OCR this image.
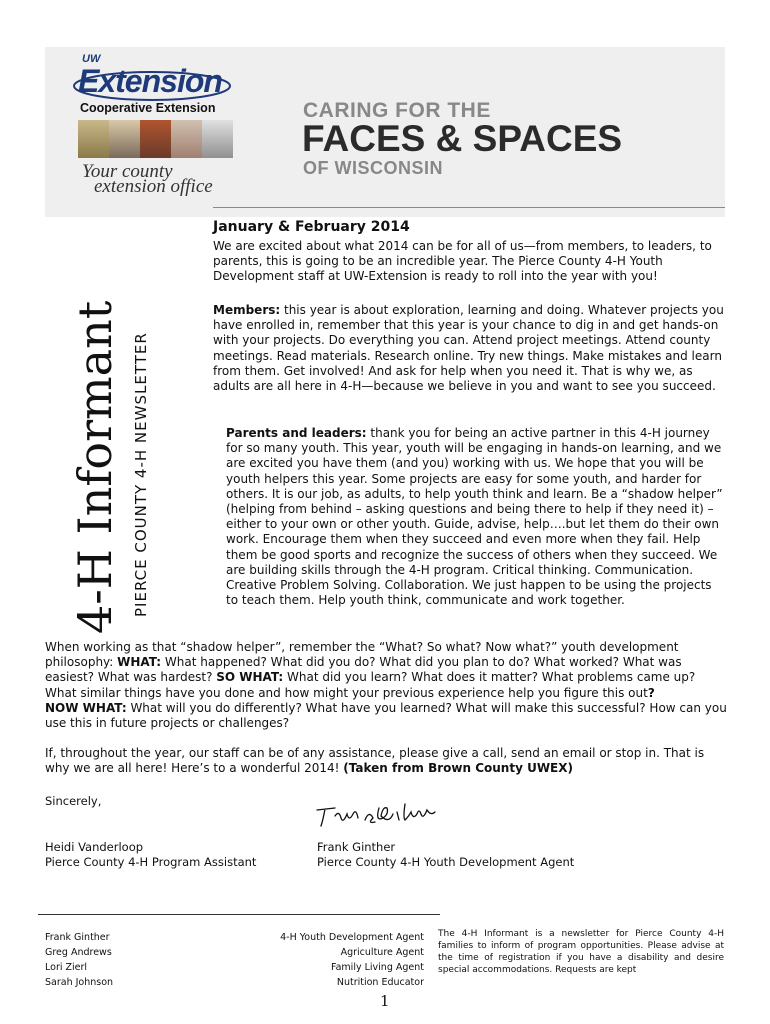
UW
Extension
Cooperative Extension
Your county
extension office
CARING FOR THE
FACES & SPACES
OF WISCONSIN
4-H Informant PIERCE COUNTY 4-H NEWSLETTER
January & February 2014

We are excited about what 2014 can be for all of us—from members, to leaders, to parents, this is going to be an incredible year. The Pierce County 4-H Youth Development staff at UW-Extension is ready to roll into the year with you!

Members: this year is about exploration, learning and doing. Whatever projects you have enrolled in, remember that this year is your chance to dig in and get hands-on with your projects. Do everything you can. Attend project meetings. Attend county meetings. Read materials. Research online. Try new things. Make mistakes and learn from them. Get involved! And ask for help when you need it. That is why we, as adults are all here in 4-H—because we believe in you and want to see you succeed.

Parents and leaders: thank you for being an active partner in this 4-H journey for so many youth. This year, youth will be engaging in hands-on learning, and we are excited you have them (and you) working with us. We hope that you will be youth helpers this year. Some projects are easy for some youth, and harder for others. It is our job, as adults, to help youth think and learn. Be a “shadow helper” (helping from behind – asking questions and being there to help if they need it) – either to your own or other youth. Guide, advise, help….but let them do their own work. Encourage them when they succeed and even more when they fail. Help them be good sports and recognize the success of others when they succeed. We are building skills through the 4-H program. Critical thinking. Communication. Creative Problem Solving. Collaboration. We just happen to be using the projects to teach them. Help youth think, communicate and work together.

When working as that “shadow helper”, remember the “What? So what? Now what?” youth development philosophy: WHAT: What happened? What did you do? What did you plan to do? What worked? What was easiest? What was hardest? SO WHAT: What did you learn? What does it matter? What problems came up? What similar things have you done and how might your previous experience help you figure this out?
NOW WHAT: What will you do differently? What have you learned? What will make this successful? How can you use this in future projects or challenges?

If, throughout the year, our staff can be of any assistance, please give a call, send an email or stop in. That is why we are all here! Here’s to a wonderful 2014! (Taken from Brown County UWEX)

Sincerely,
Heidi Vanderloop
Pierce County 4-H Program Assistant
Frank Ginther
Pierce County 4-H Youth Development Agent
Frank Ginther
Greg Andrews
Lori Zierl
Sarah Johnson
4-H Youth Development Agent
Agriculture Agent
Family Living Agent
Nutrition Educator
The 4-H Informant is a newsletter for Pierce County 4-H families to inform of program opportunities. Please advise at the time of registration if you have a disability and desire special accommodations. Requests are kept
1
